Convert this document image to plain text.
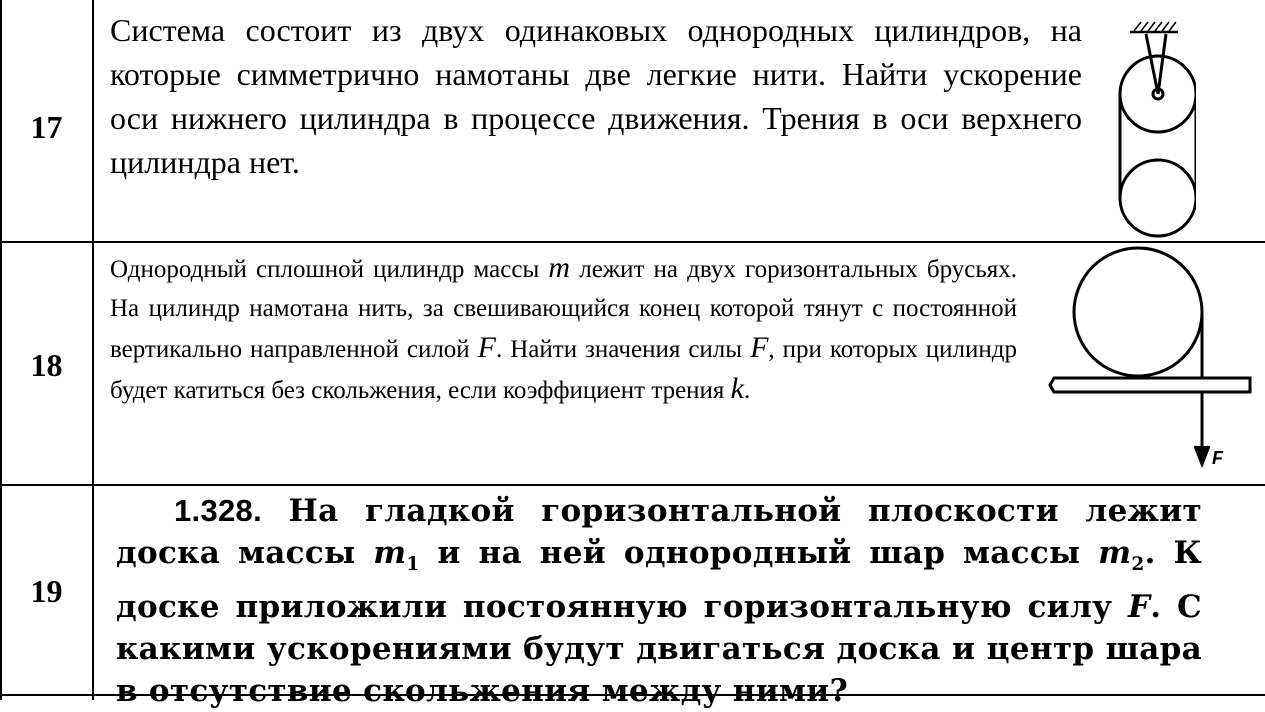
17
Система состоит из двух одинаковых однородных цилиндров, на которые симметрично намотаны две легкие нити. Найти ускорение оси нижнего цилиндра в процессе движения. Трения в оси верхнего цилиндра нет.
18
Однородный сплошной цилиндр массы m лежит на двух горизонтальных брусьях. На цилиндр намотана нить, за свешивающийся конец которой тянут с постоянной вертикально направленной силой F. Найти значения силы F, при которых цилиндр будет катиться без скольжения, если коэффициент трения k.
F
19
1.328. На гладкой горизонтальной плоскости лежит доска массы $m_1$ и на ней однородный шар массы $m_2$. К доске приложили постоянную горизонтальную силу F. С какими ускорениями будут двигаться доска и центр шара в отсутствие скольжения между ними?
